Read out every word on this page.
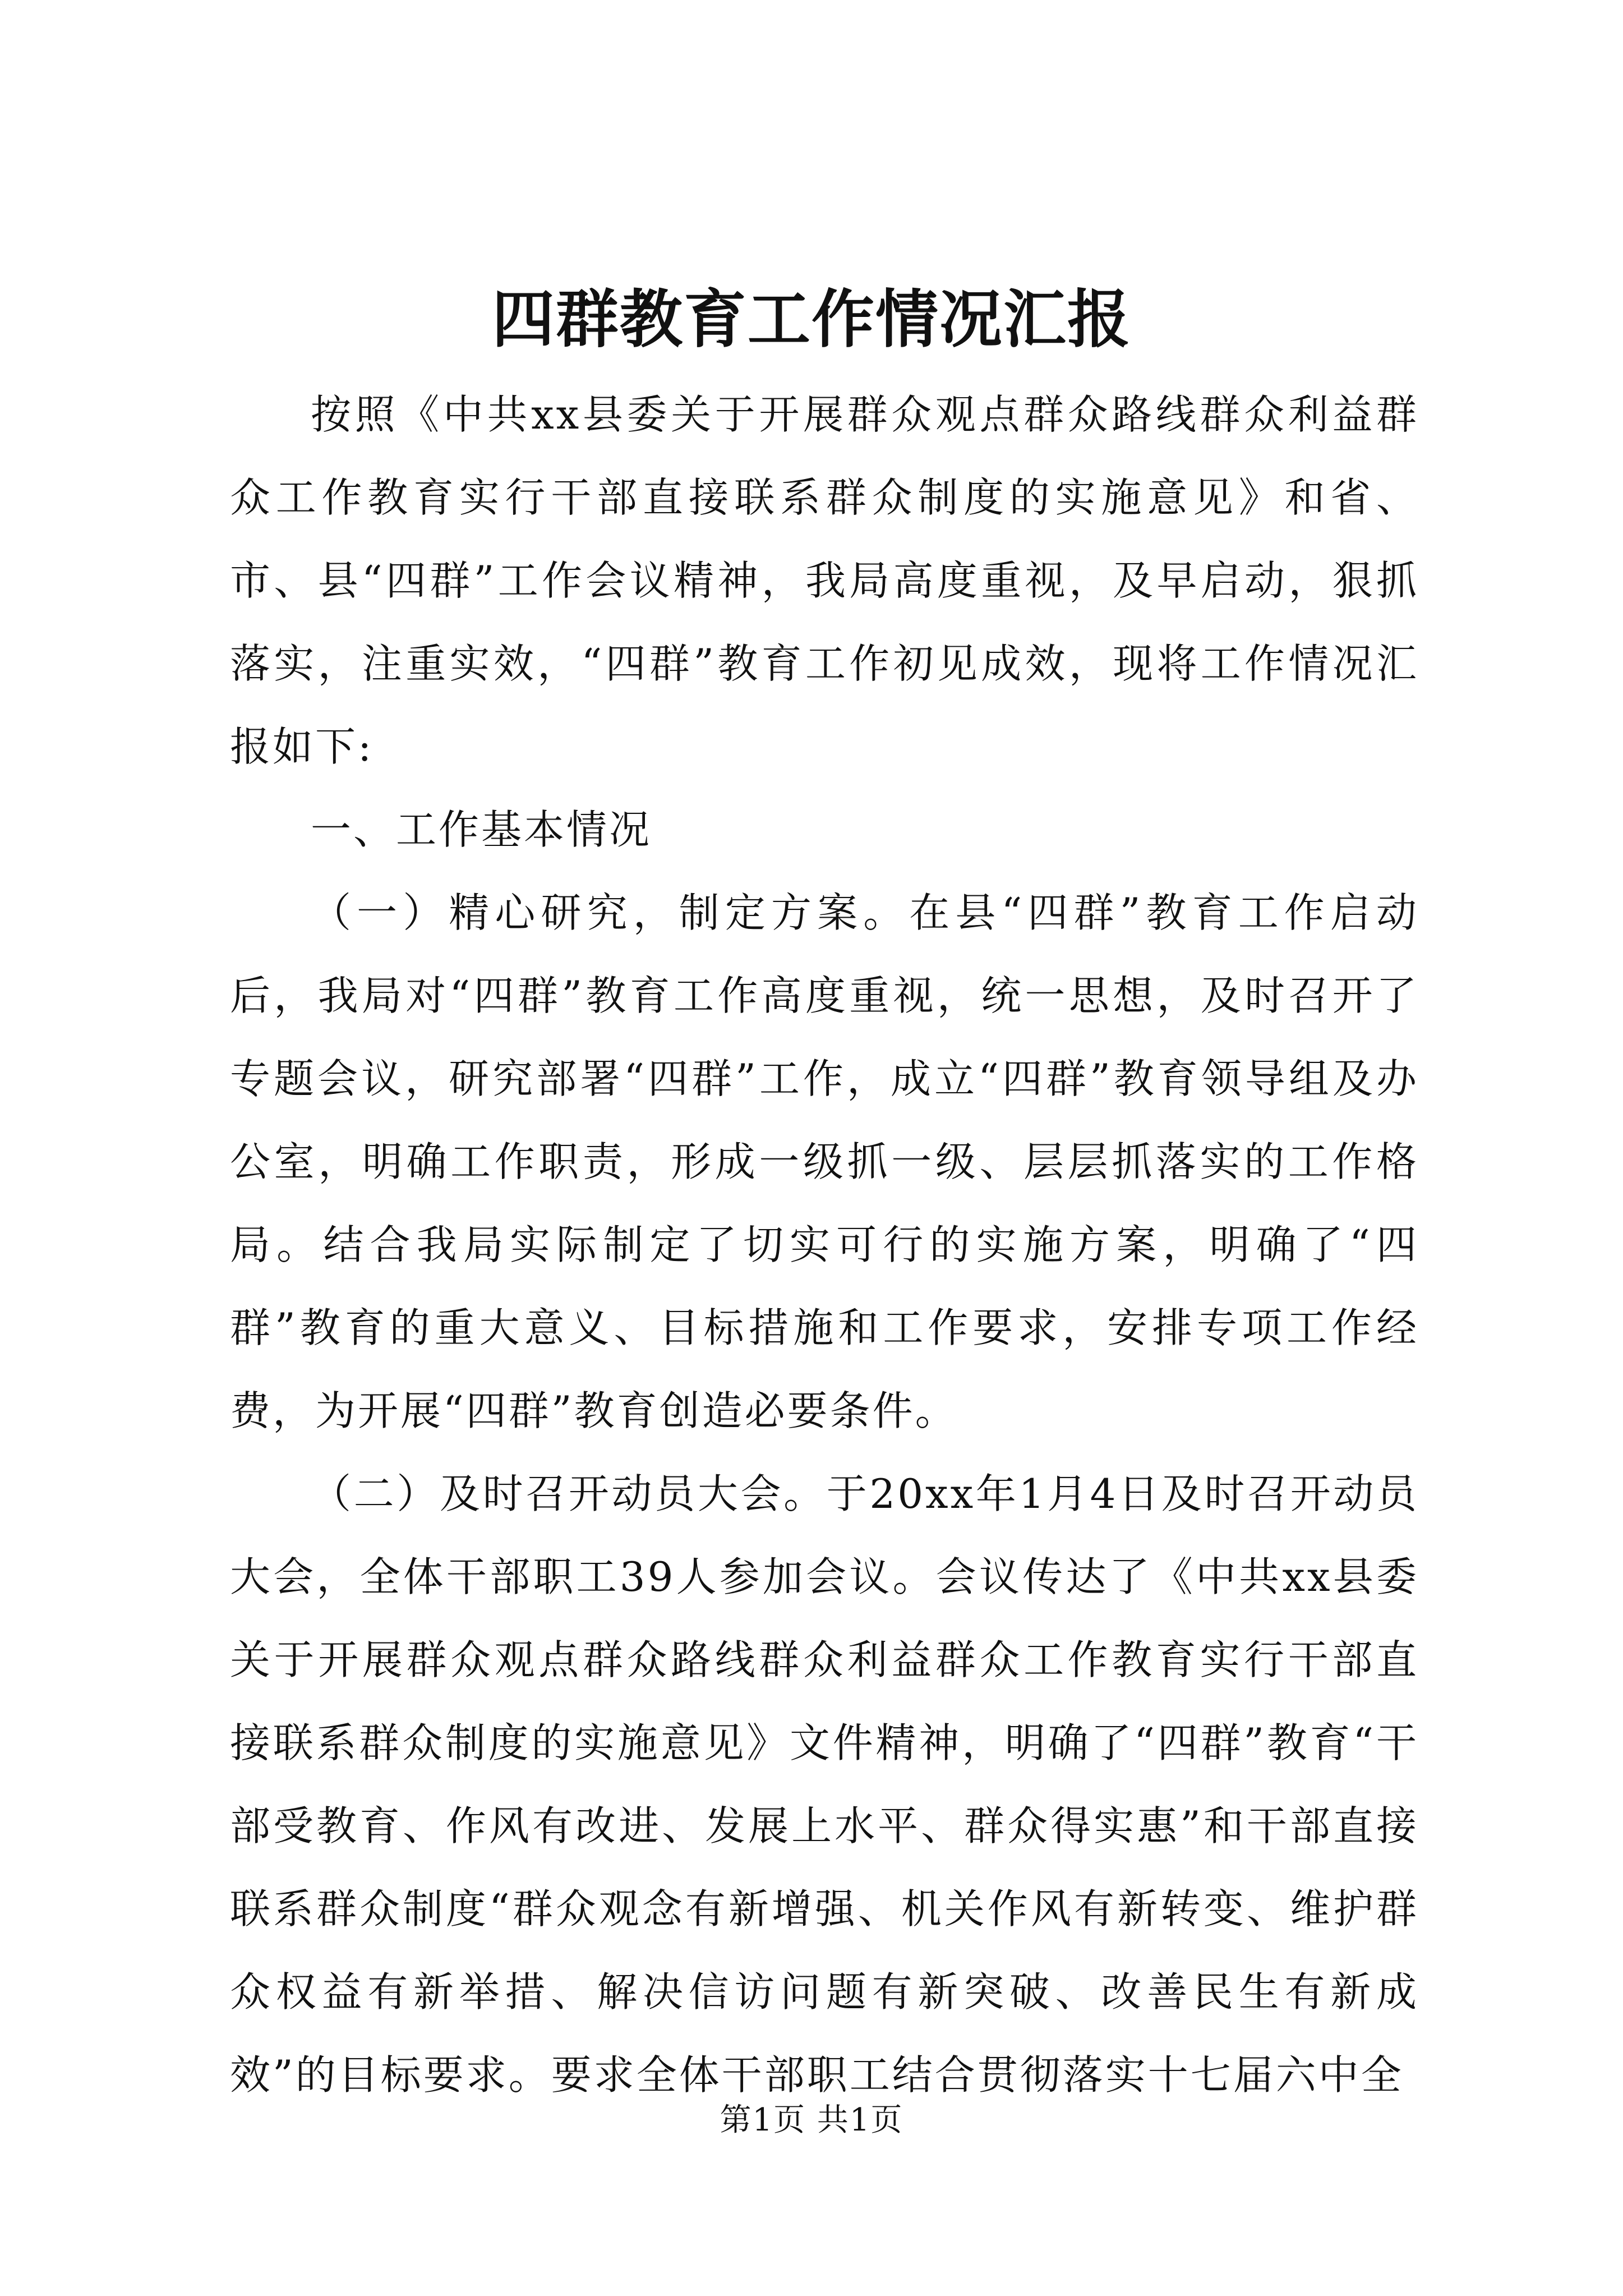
四群教育工作情况汇报

按照《中共xx县委关于开展群众观点群众路线群众利益群众工作教育实行干部直接联系群众制度的实施意见》和省、市、县“四群”工作会议精神，我局高度重视，及早启动，狠抓落实，注重实效，“四群”教育工作初见成效，现将工作情况汇报如下:

一、工作基本情况

（一）精心研究，制定方案。在县“四群”教育工作启动后，我局对“四群”教育工作高度重视，统一思想，及时召开了专题会议，研究部署“四群”工作，成立“四群”教育领导组及办公室，明确工作职责，形成一级抓一级、层层抓落实的工作格局。结合我局实际制定了切实可行的实施方案，明确了“四群”教育的重大意义、目标措施和工作要求，安排专项工作经费，为开展“四群”教育创造必要条件。

（二）及时召开动员大会。于20xx年1月4日及时召开动员大会，全体干部职工39人参加会议。会议传达了《中共xx县委关于开展群众观点群众路线群众利益群众工作教育实行干部直接联系群众制度的实施意见》文件精神，明确了“四群”教育“干部受教育、作风有改进、发展上水平、群众得实惠”和干部直接联系群众制度“群众观念有新增强、机关作风有新转变、维护群众权益有新举措、解决信访问题有新突破、改善民生有新成效”的目标要求。要求全体干部职工结合贯彻落实十七届六中全

第1页 共1页
